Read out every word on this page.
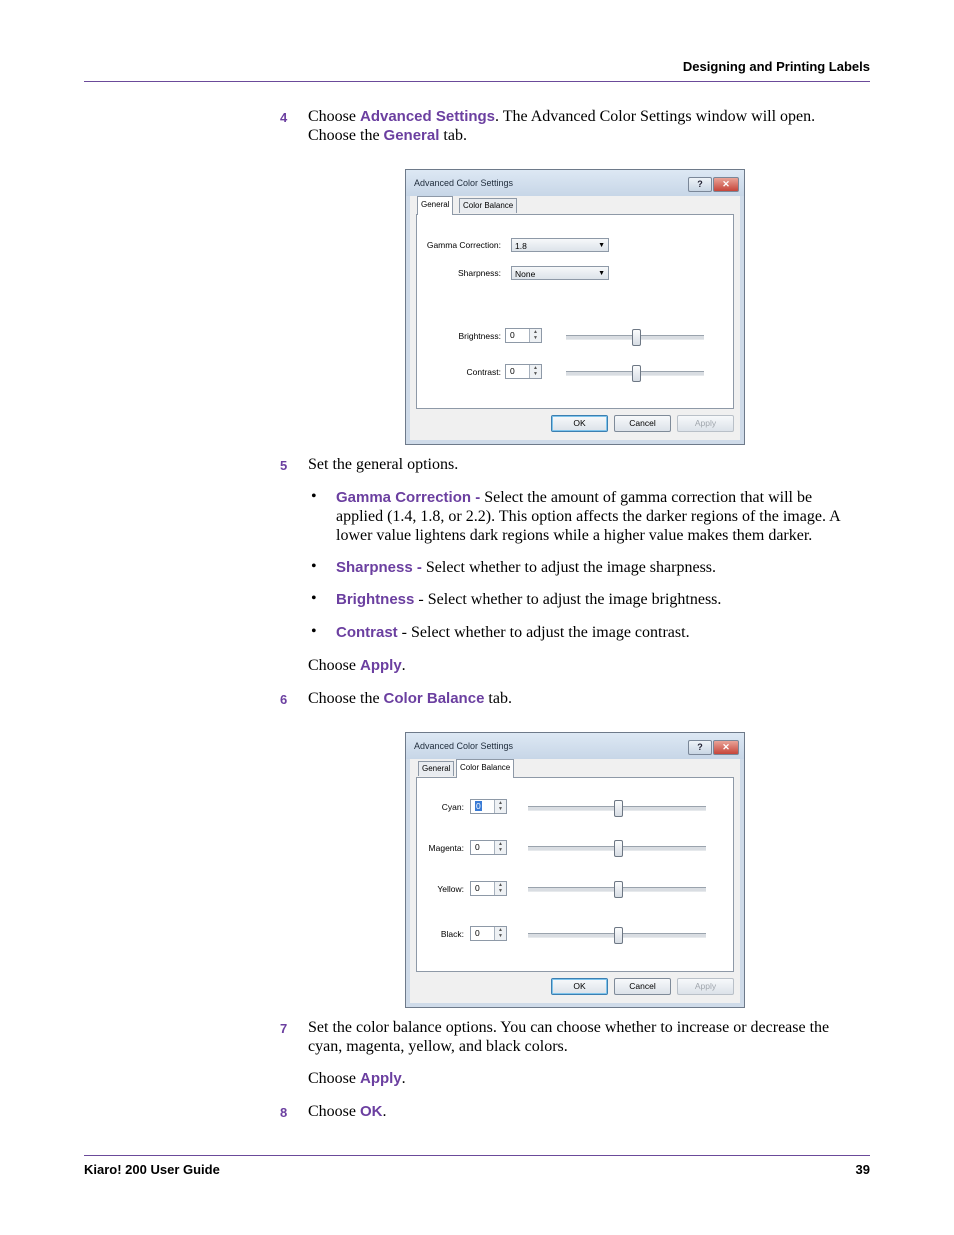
Designing and Printing Labels
4 Choose Advanced Settings. The Advanced Color Settings window will open.
Choose the General tab.
Advanced Color Settings	?	✕
General	Color Balance
Gamma Correction:	1.8	▼
Sharpness:	None	▼
Brightness: 0	▲
▼
Contrast: 0	▲
▼
OK	Cancel	Apply
5 Set the general options.
• Gamma Correction - Select the amount of gamma correction that will be
applied (1.4, 1.8, or 2.2). This option affects the darker regions of the image. A
lower value lightens dark regions while a higher value makes them darker.
• Sharpness - Select whether to adjust the image sharpness.
• Brightness - Select whether to adjust the image brightness.
• Contrast - Select whether to adjust the image contrast.
Choose Apply.
6 Choose the Color Balance tab.
Advanced Color Settings	?	✕
General	Color Balance
Cyan: 0	▲
▼
Magenta: 0	▲
▼
Yellow: 0	▲
▼
Black: 0	▲
▼
OK	Cancel	Apply
7 Set the color balance options. You can choose whether to increase or decrease the
cyan, magenta, yellow, and black colors.
Choose Apply.
8 Choose OK.
Kiaro! 200 User Guide	39
